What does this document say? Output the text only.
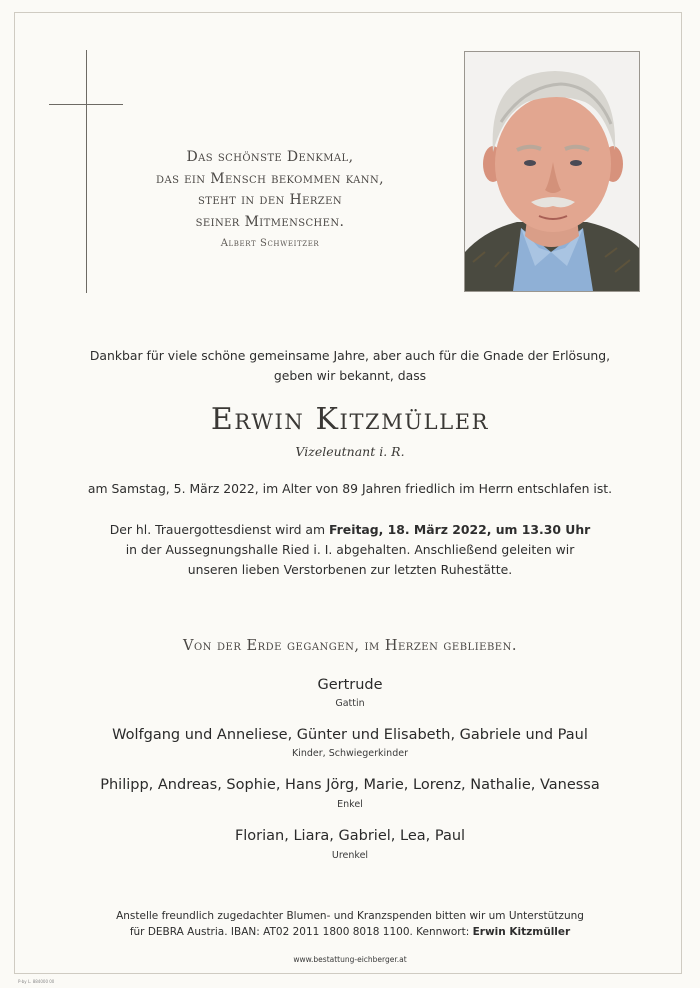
Das schönste Denkmal,
das ein Mensch bekommen kann,
steht in den Herzen
seiner Mitmenschen.
Albert Schweitzer
Dankbar für viele schöne gemeinsame Jahre, aber auch für die Gnade der Erlösung,
geben wir bekannt, dass
Erwin Kitzmüller
Vizeleutnant i. R.
am Samstag, 5. März 2022, im Alter von 89 Jahren friedlich im Herrn entschlafen ist.
Der hl. Trauergottesdienst wird am Freitag, 18. März 2022, um 13.30 Uhr
in der Aussegnungshalle Ried i. I. abgehalten. Anschließend geleiten wir
unseren lieben Verstorbenen zur letzten Ruhestätte.
Von der Erde gegangen, im Herzen geblieben.
Gertrude
Gattin
Wolfgang und Anneliese, Günter und Elisabeth, Gabriele und Paul
Kinder, Schwiegerkinder
Philipp, Andreas, Sophie, Hans Jörg, Marie, Lorenz, Nathalie, Vanessa
Enkel
Florian, Liara, Gabriel, Lea, Paul
Urenkel
Anstelle freundlich zugedachter Blumen- und Kranzspenden bitten wir um Unterstützung
für DEBRA Austria. IBAN: AT02 2011 1800 8018 1100. Kennwort: Erwin Kitzmüller
www.bestattung-eichberger.at
P-by L. 884000 00
